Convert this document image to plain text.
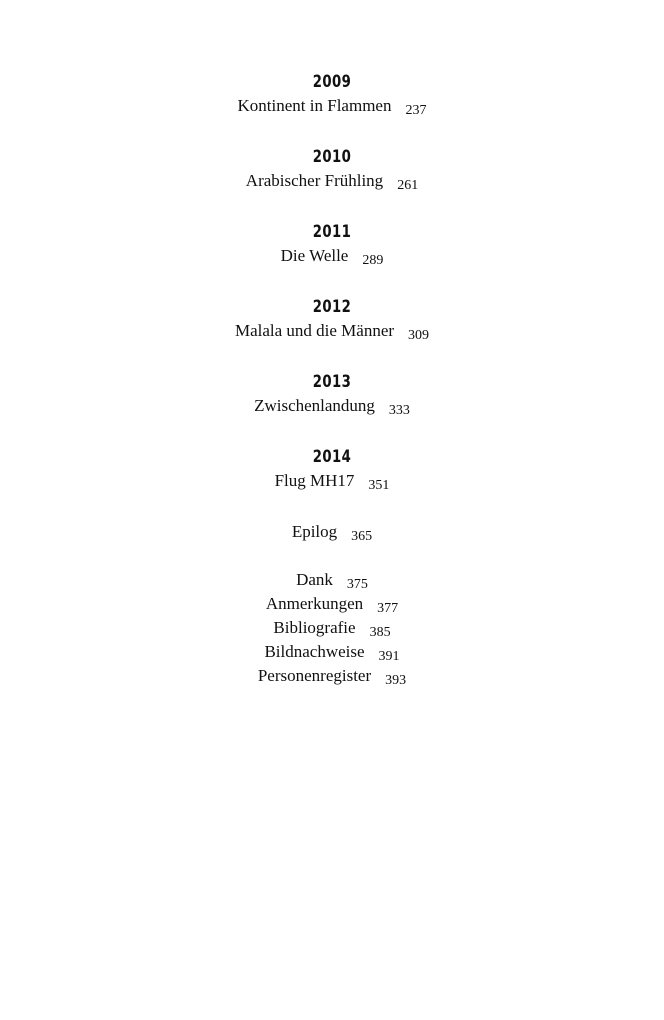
2009
Kontinent in Flammen 237
2010
Arabischer Frühling 261
2011
Die Welle 289
2012
Malala und die Männer 309
2013
Zwischenlandung 333
2014
Flug MH17 351
Epilog 365
Dank 375
Anmerkungen 377
Bibliografie 385
Bildnachweise 391
Personenregister 393
